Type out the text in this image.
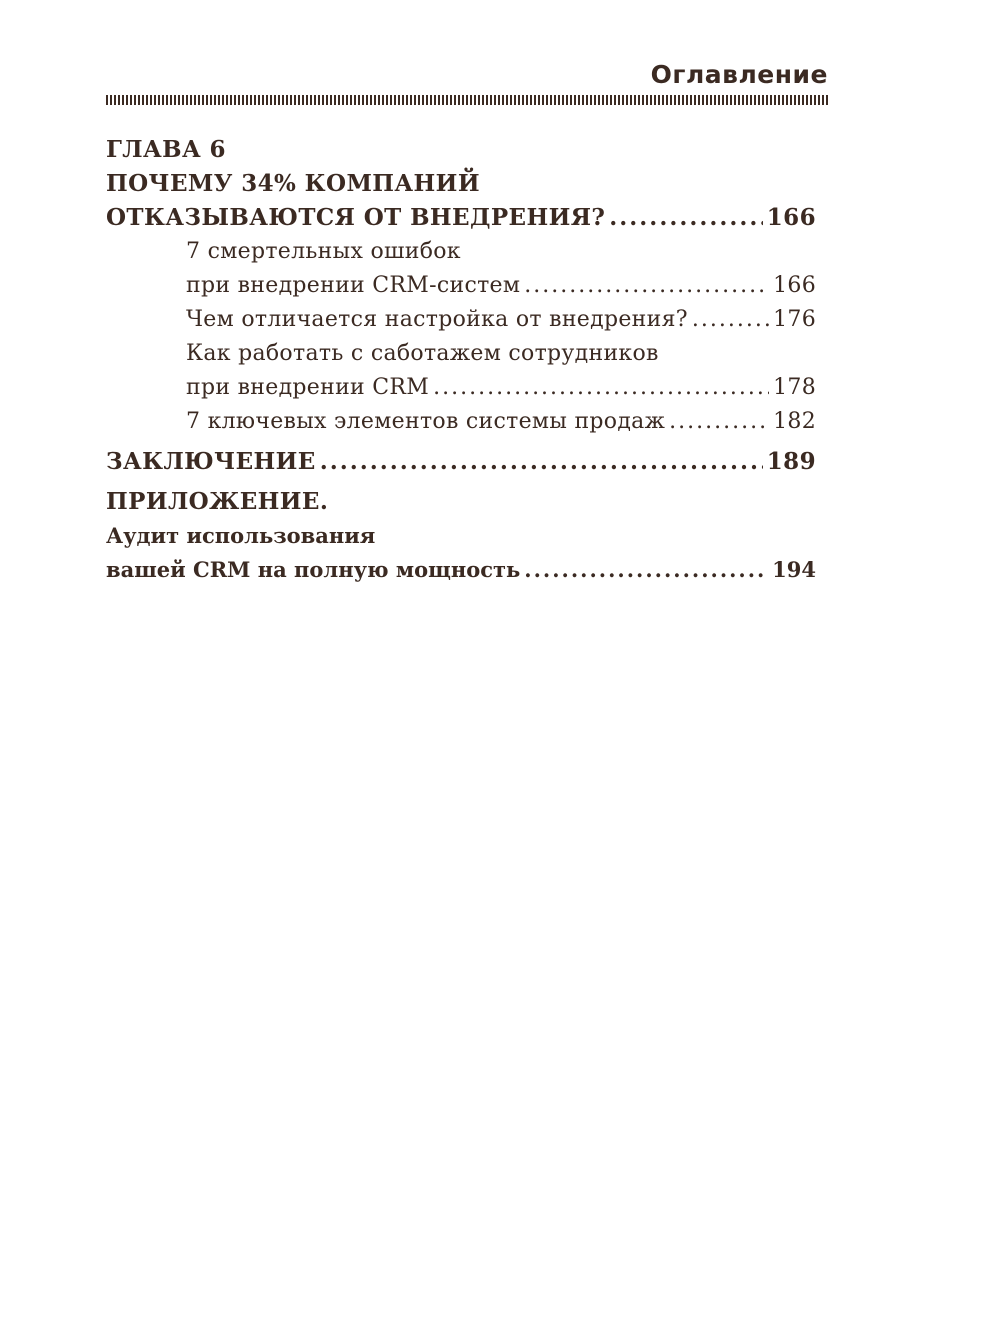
Оглавление
ГЛАВА 6
ПОЧЕМУ 34% КОМПАНИЙ
ОТКАЗЫВАЮТСЯ ОТ ВНЕДРЕНИЯ? .....	166
7 смертельных ошибок
при внедрении CRM-систем .....	166
Чем отличается настройка от внедрения? .....	176
Как работать с саботажем сотрудников
при внедрении CRM .....	178
7 ключевых элементов системы продаж .....	182
ЗАКЛЮЧЕНИЕ .....	189
ПРИЛОЖЕНИЕ.
Аудит использования
вашей CRM на полную мощность .....	194
